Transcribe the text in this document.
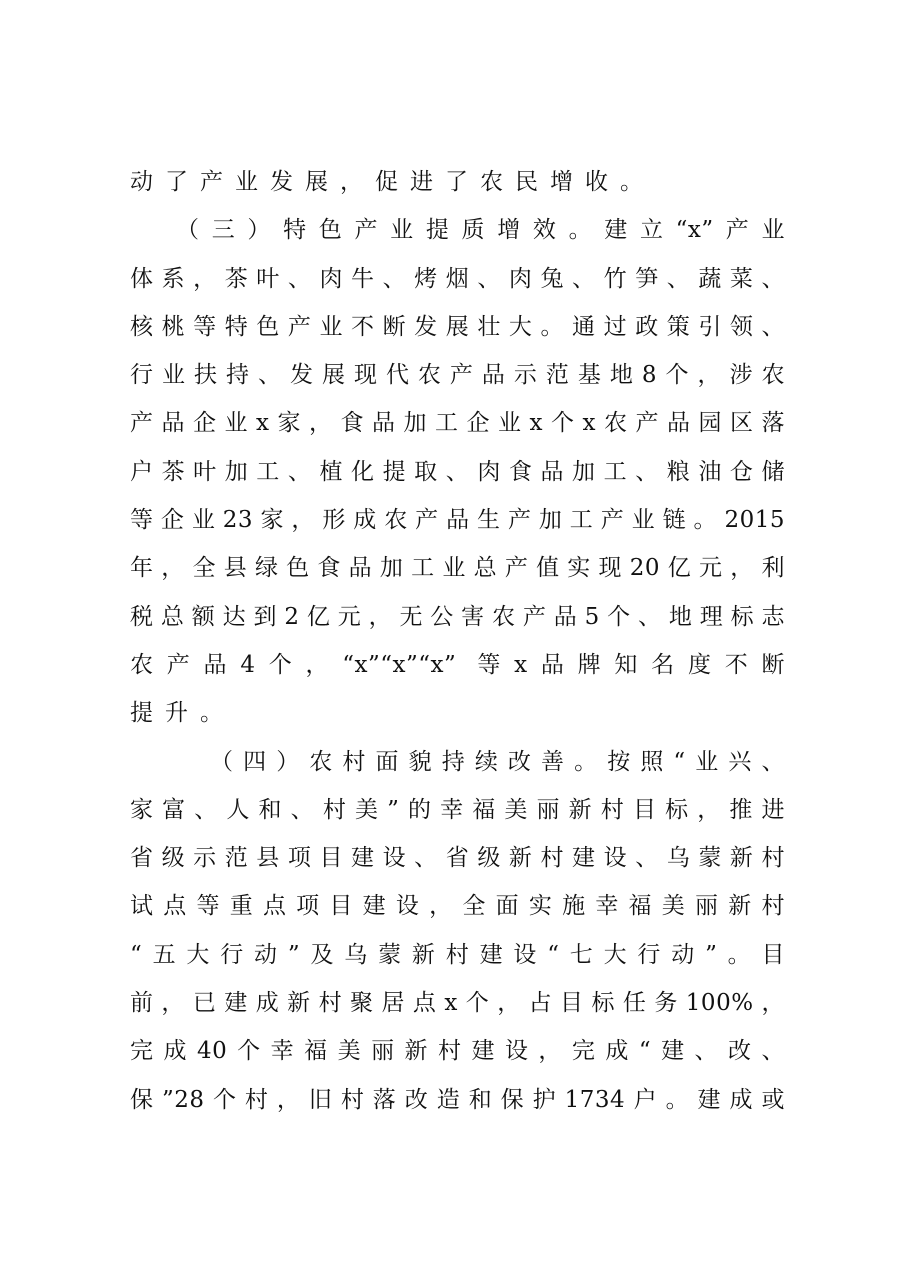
动了产业发展，促进了农民增收。
（三）特色产业提质增效。建立“x”产业
体系，茶叶、肉牛、烤烟、肉兔、竹笋、蔬菜、
核桃等特色产业不断发展壮大。通过政策引领、
行业扶持、发展现代农产品示范基地8个，涉农
产品企业x家，食品加工企业x个x农产品园区落
户茶叶加工、植化提取、肉食品加工、粮油仓储
等企业23家，形成农产品生产加工产业链。2015
年，全县绿色食品加工业总产值实现20亿元，利
税总额达到2亿元，无公害农产品5个、地理标志
农产品4个，“x”“x”“x” 等x品牌知名度不断
提升。
（四）农村面貌持续改善。按照“业兴、
家富、人和、村美”的幸福美丽新村目标，推进
省级示范县项目建设、省级新村建设、乌蒙新村
试点等重点项目建设，全面实施幸福美丽新村
“五大行动”及乌蒙新村建设“七大行动”。目
前，已建成新村聚居点x个，占目标任务100%，
完成40个幸福美丽新村建设，完成“建、改、
保”28个村，旧村落改造和保护1734户。建成或
